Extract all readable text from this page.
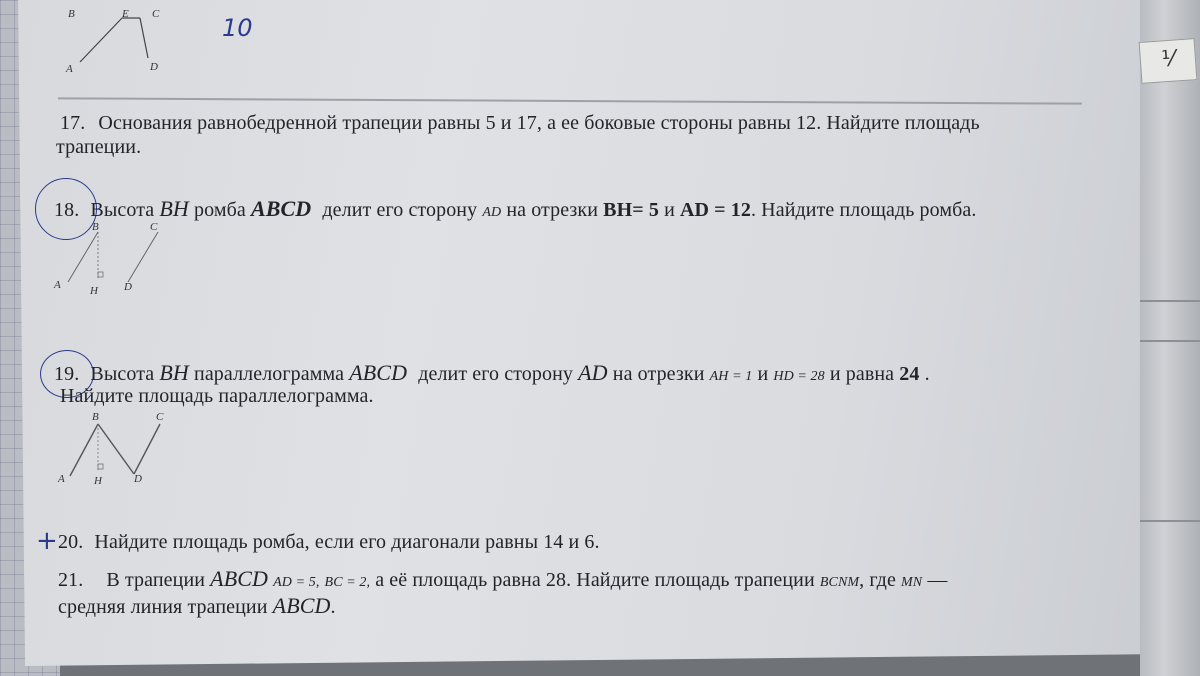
⅟
B	E C
A	D
10
17. Основания равнобедренной трапеции равны 5 и 17, а ее боковые стороны равны 12. Найдите площадь
трапеции.
18. Высота BH ромба ABCD делит его сторону AD на отрезки BH= 5 и AD = 12. Найдите площадь ромба.
B	C
A	H D
19. Высота BH параллелограмма ABCD делит его сторону AD на отрезки AH = 1 и HD = 28 и равна 24 .
Найдите площадь параллелограмма.
B	C
A	H	D
+ 20. Найдите площадь ромба, если его диагонали равны 14 и 6.
21. В трапеции ABCD AD = 5, BC = 2, а её площадь равна 28. Найдите площадь трапеции BCNM, где MN —
средняя линия трапеции ABCD.
